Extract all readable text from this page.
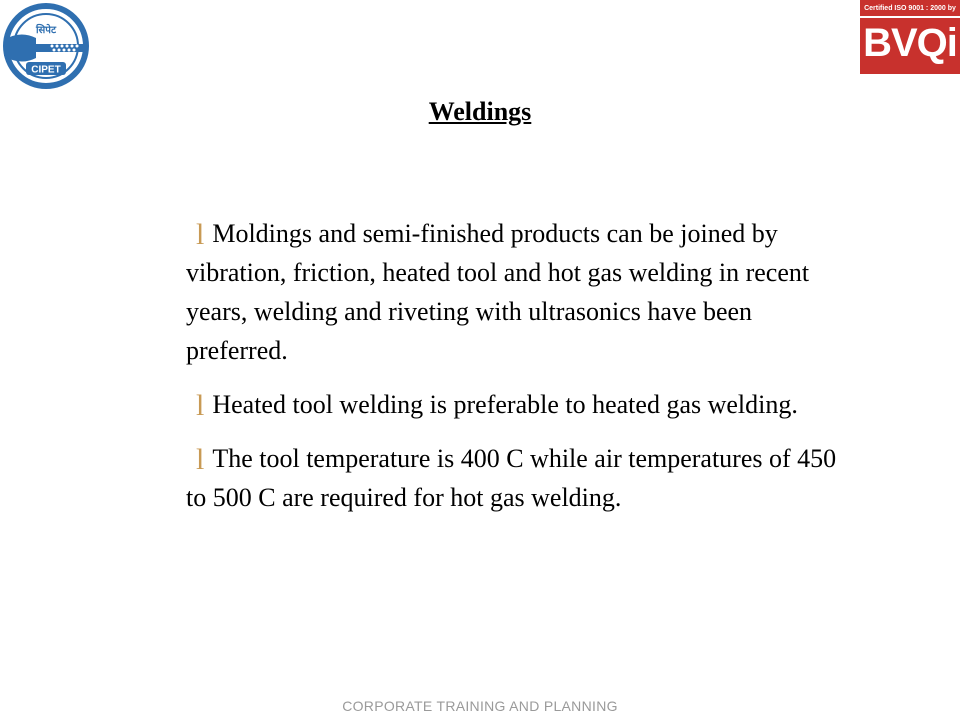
CIPET
सिपेट
Certified ISO 9001 : 2000 by
BVQi
Weldings

l Moldings and semi-finished products can be joined by vibration, friction, heated tool and hot gas welding in recent years, welding and riveting with ultrasonics have been preferred.

l Heated tool welding is preferable to heated gas welding.

l The tool temperature is 400 C while air temperatures of 450 to 500 C are required for hot gas welding.

CORPORATE TRAINING AND PLANNING
